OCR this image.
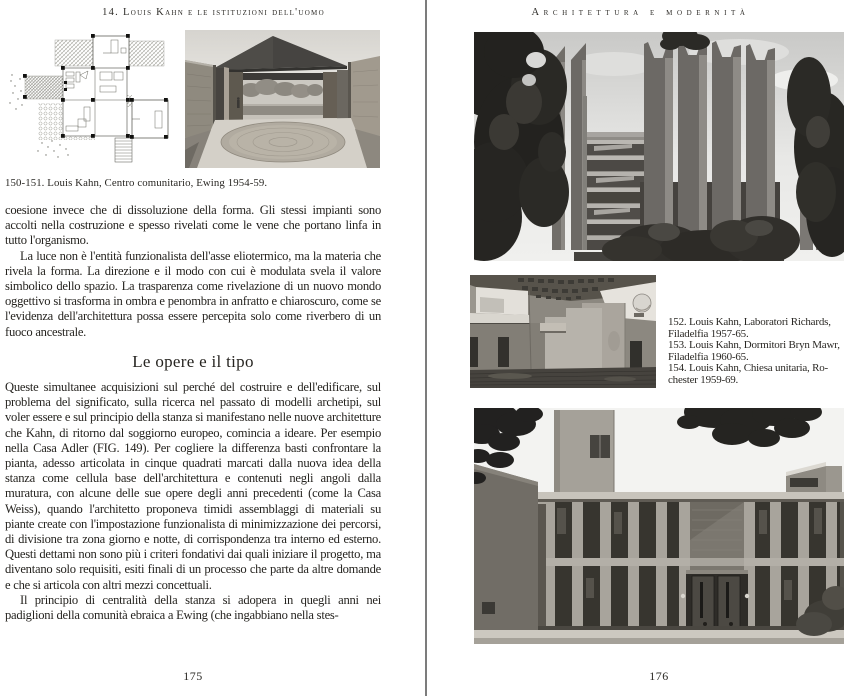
14. Louis Kahn e le istituzioni dell'uomo
150-151. Louis Kahn, Centro comunitario, Ewing 1954-59.

coesione invece che di dissoluzione della forma. Gli stessi impianti sono accolti nella costruzione e spesso rivelati come le vene che portano linfa in tutto l'organismo.

La luce non è l'entità funzionalista dell'asse eliotermico, ma la materia che rivela la forma. La direzione e il modo con cui è modulata svela il valore simbolico dello spazio. La trasparenza come rivelazione di un nuovo mondo oggettivo si trasforma in ombra e penombra in anfratto e chiaroscuro, come se l'evidenza dell'architettura possa essere percepita solo come riverbero di un fuoco ancestrale.

Le opere e il tipo

Queste simultanee acquisizioni sul perché del costruire e dell'edificare, sul problema del significato, sulla ricerca nel passato di modelli archetipi, sul voler essere e sul principio della stanza si manifestano nelle nuove architetture che Kahn, di ritorno dal soggiorno europeo, comincia a ideare. Per esempio nella Casa Adler (FIG. 149). Per cogliere la differenza basti confrontare la pianta, adesso articolata in cinque quadrati marcati dalla nuova idea della stanza come cellula base dell'architettura e contenuti negli angoli dalla muratura, con alcune delle sue opere degli anni precedenti (come la Casa Weiss), quando l'architetto proponeva timidi assemblaggi di materiali su piante create con l'impostazione funzionalista di minimizzazione dei percorsi, di divisione tra zona giorno e notte, di corrispondenza tra interno ed esterno. Questi dettami non sono più i criteri fondativi dai quali iniziare il progetto, ma diventano solo requisiti, esiti finali di un processo che parte da altre domande e che si articola con altri mezzi concettuali.

Il principio di centralità della stanza si adopera in quegli anni nei padiglioni della comunità ebraica a Ewing (che ingabbiano nella stes-

175
Architettura e modernità
152. Louis Kahn, Laboratori Richards,
Filadelfia 1957-65.
153. Louis Kahn, Dormitori Bryn Mawr,
Filadelfia 1960-65.
154. Louis Kahn, Chiesa unitaria, Ro-
chester 1959-69.
176
